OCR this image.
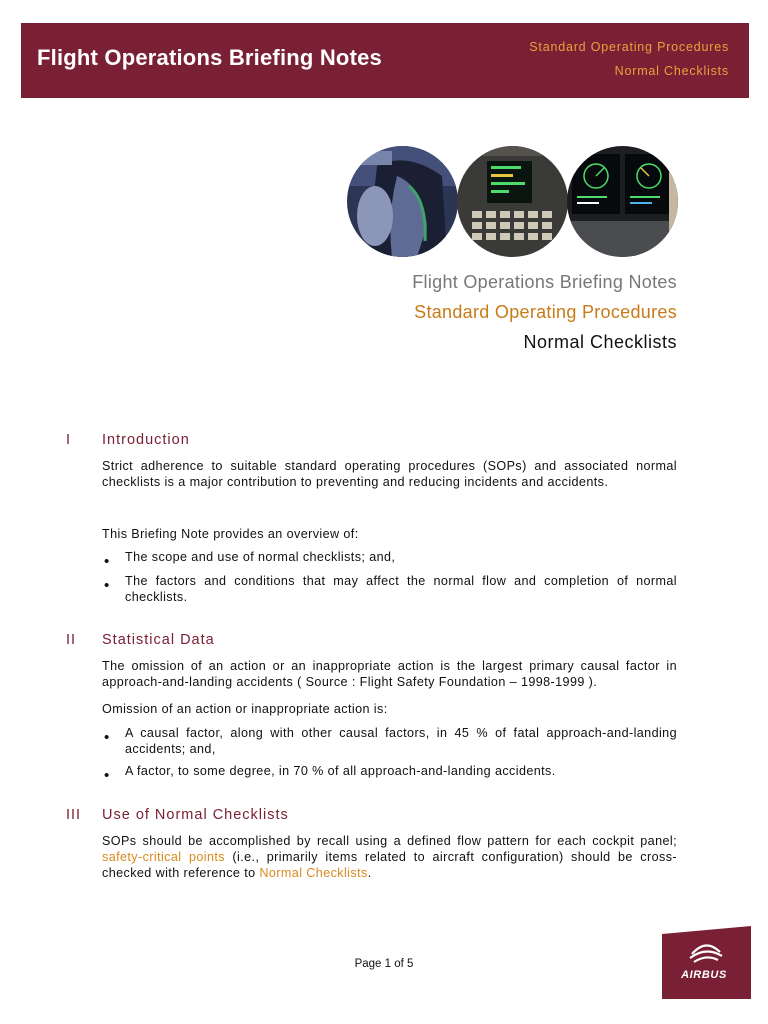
Flight Operations Briefing Notes	Standard Operating Procedures
Normal Checklists
Flight Operations Briefing Notes
Standard Operating Procedures
Normal Checklists
I Introduction
Strict adherence to suitable standard operating procedures (SOPs) and associated normal checklists is a major contribution to preventing and reducing incidents and accidents.
This Briefing Note provides an overview of:
• The scope and use of normal checklists; and,
• The factors and conditions that may affect the normal flow and completion of normal checklists.
II Statistical Data
The omission of an action or an inappropriate action is the largest primary causal factor in approach-and-landing accidents ( Source : Flight Safety Foundation – 1998-1999 ).
Omission of an action or inappropriate action is:
• A causal factor, along with other causal factors, in 45 % of fatal approach-and-landing accidents; and,
• A factor, to some degree, in 70 % of all approach-and-landing accidents.
III Use of Normal Checklists
SOPs should be accomplished by recall using a defined flow pattern for each cockpit panel; safety-critical points (i.e., primarily items related to aircraft configuration) should be cross-checked with reference to Normal Checklists.
Page 1 of 5
AIRBUS
